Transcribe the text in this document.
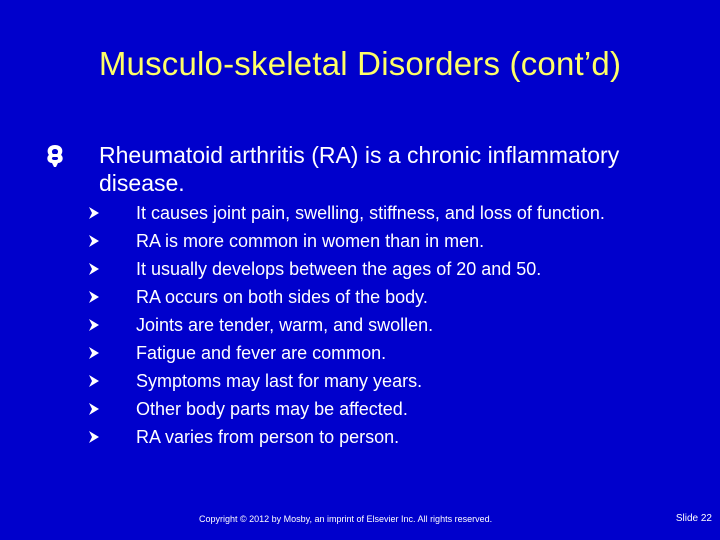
Musculo-skeletal Disorders (cont’d)
Rheumatoid arthritis (RA) is a chronic inflammatory disease.
It causes joint pain, swelling, stiffness, and loss of function.
RA is more common in women than in men.
It usually develops between the ages of 20 and 50.
RA occurs on both sides of the body.
Joints are tender, warm, and swollen.
Fatigue and fever are common.
Symptoms may last for many years.
Other body parts may be affected.
RA varies from person to person.
Copyright © 2012 by Mosby, an imprint of Elsevier Inc. All rights reserved.	Slide 22
